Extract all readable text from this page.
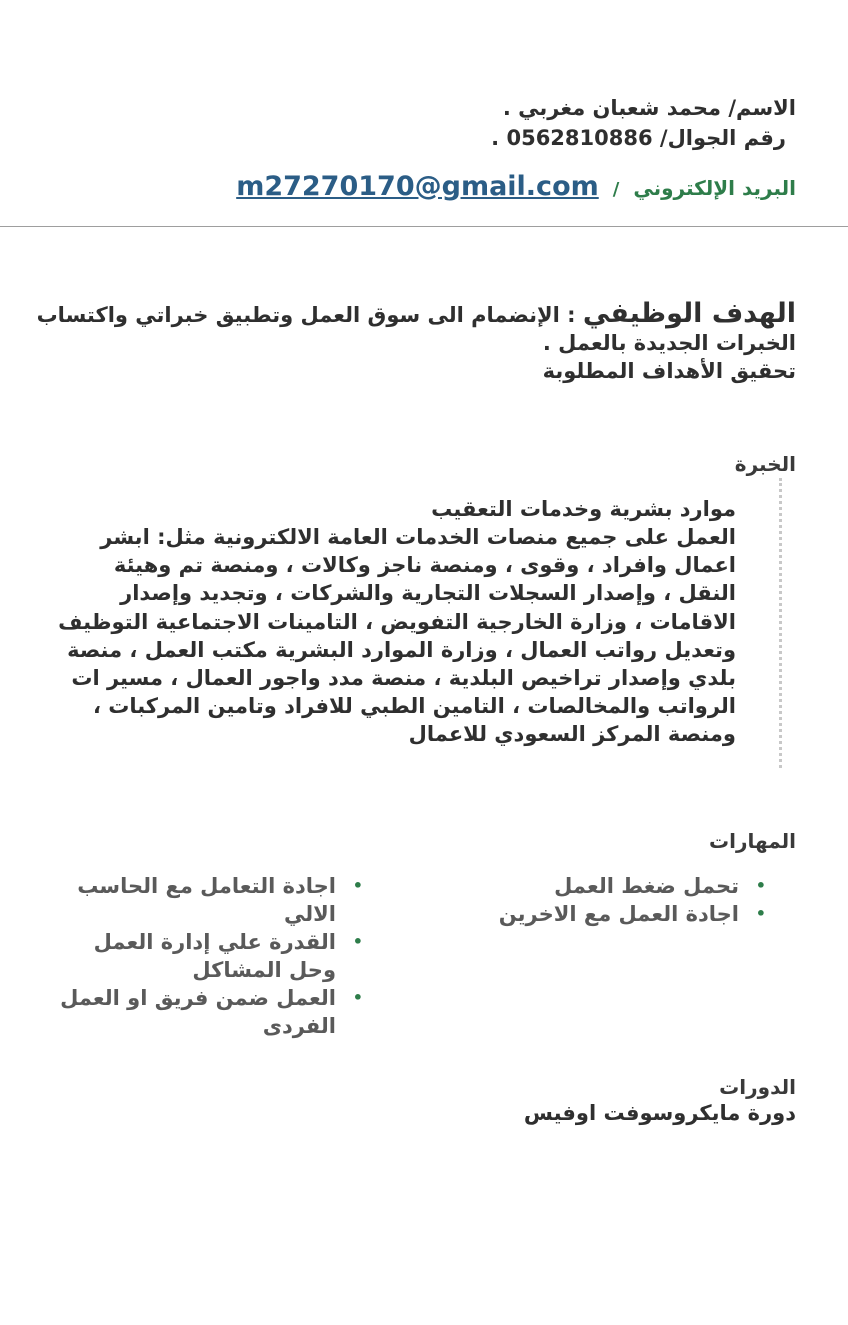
الاسم/ محمد شعبان مغربي .
رقم الجوال/ 0562810886 .
البريد الإلكتروني
/
m27270170@gmail.com
الهدف الوظيفي : الإنضمام الى سوق العمل وتطبيق خبراتي واكتساب الخبرات الجديدة بالعمل .
تحقيق الأهداف المطلوبة
الخبرة
موارد بشرية وخدمات التعقيب
العمل على جميع منصات الخدمات العامة الالكترونية مثل: ابشر اعمال وافراد ، وقوى ، ومنصة ناجز وكالات ، ومنصة تم وهيئة النقل ، وإصدار السجلات التجارية والشركات ، وتجديد وإصدار الاقامات ، وزارة الخارجية التفويض ، التامينات الاجتماعية التوظيف وتعديل رواتب العمال ، وزارة الموارد البشرية مكتب العمل ، منصة بلدي وإصدار تراخيص البلدية ، منصة مدد واجور العمال ، مسير ات الرواتب والمخالصات ، التامين الطبي للافراد وتامين المركبات ، ومنصة المركز السعودي للاعمال
المهارات
•
تحمل ضغط العمل
•
اجادة العمل مع الاخرين
•
اجادة التعامل مع الحاسب الالي
•
القدرة علي إدارة العمل وحل المشاكل
•
العمل ضمن فريق او العمل الفردى
الدورات
دورة مايكروسوفت اوفيس
